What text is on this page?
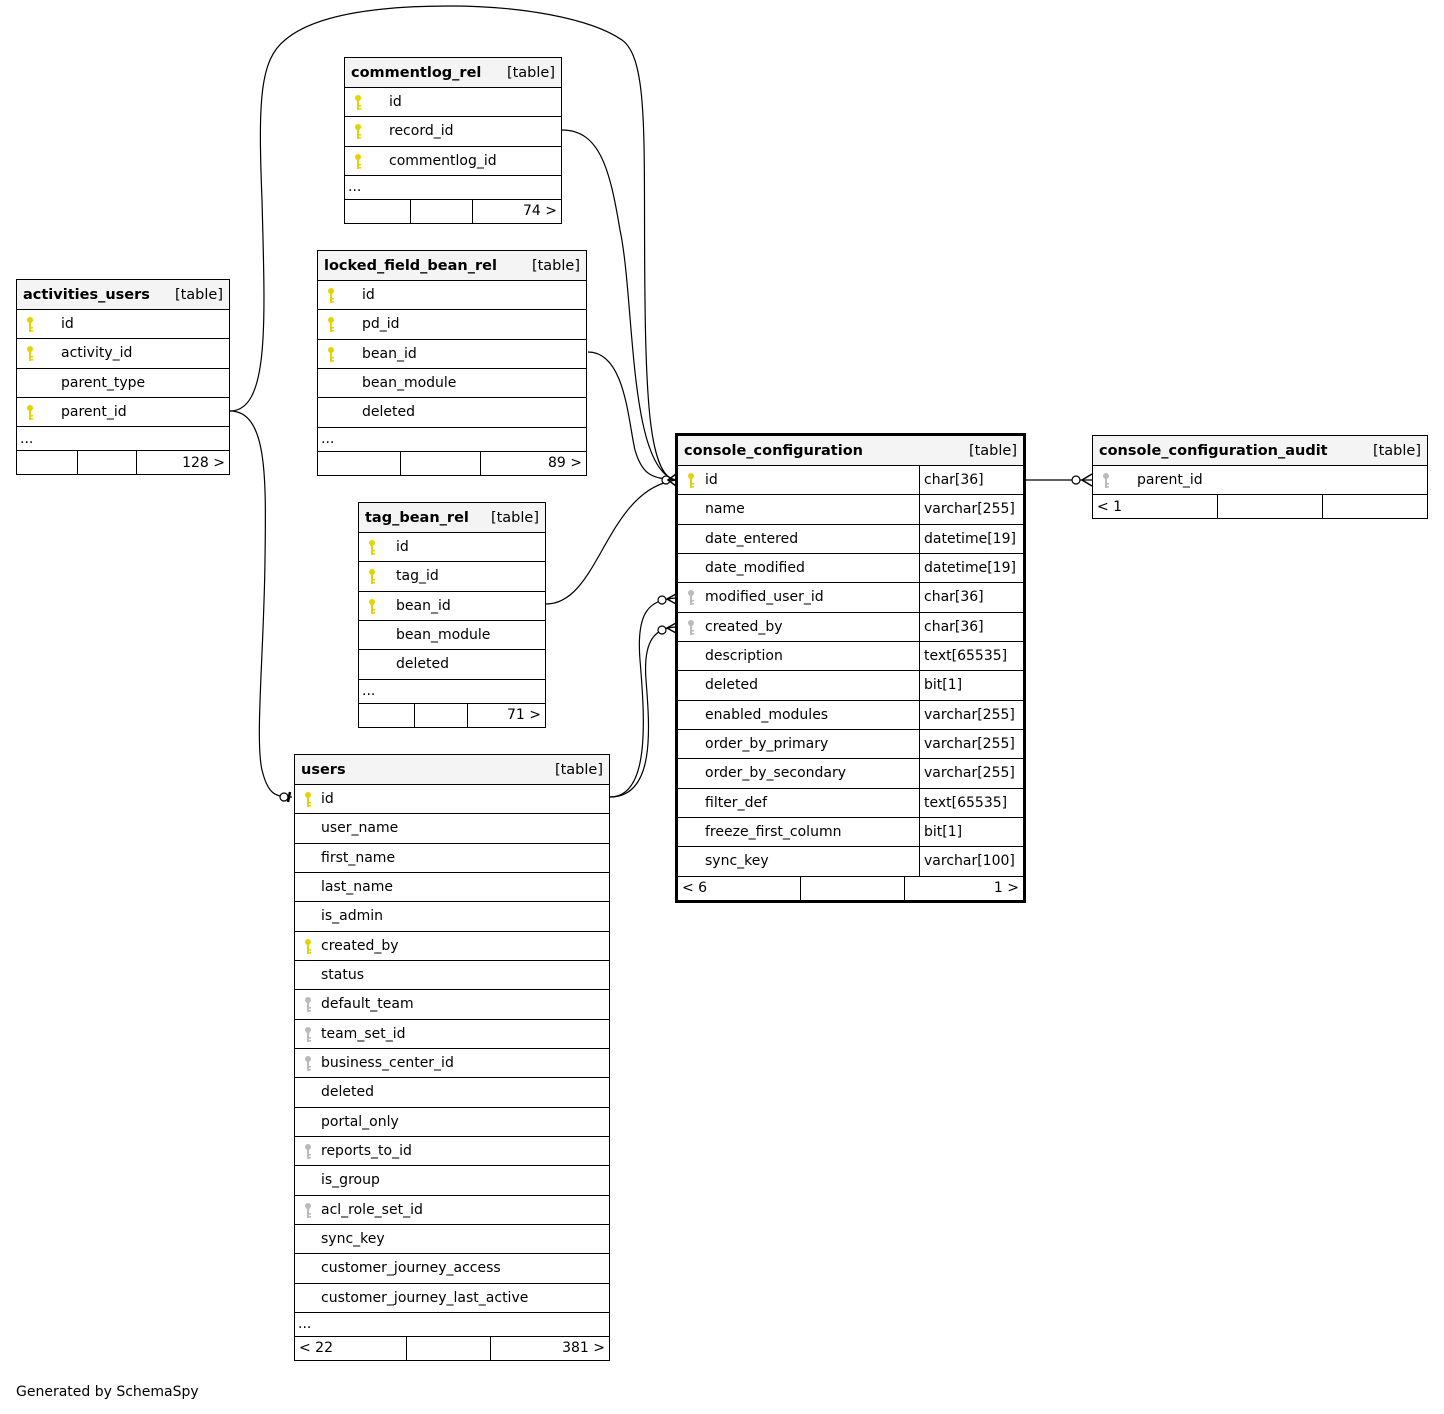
commentlog_rel [table]
id
record_id
commentlog_id
...
74 >
locked_field_bean_rel [table]
id
pd_id
bean_id
bean_module
deleted
...
89 >
activities_users [table]
id
activity_id
parent_type
parent_id
...
128 >
tag_bean_rel [table]
id
tag_id
bean_id
bean_module
deleted
...
71 >
users	[table]
id
user_name
first_name
last_name
is_admin
created_by
status
default_team
team_set_id
business_center_id
deleted
portal_only
reports_to_id
is_group
acl_role_set_id
sync_key
customer_journey_access
customer_journey_last_active
...
< 22	381 >
console_configuration	[table]
id	char[36]
name	varchar[255]
date_entered	datetime[19]
date_modified	datetime[19]
modified_user_id	char[36]
created_by	char[36]
description	text[65535]
deleted	bit[1]
enabled_modules	varchar[255]
order_by_primary	varchar[255]
order_by_secondary	varchar[255]
filter_def	text[65535]
freeze_first_column	bit[1]
sync_key	varchar[100]
< 6	1 >
console_configuration_audit	[table]
parent_id
< 1
Generated by SchemaSpy
